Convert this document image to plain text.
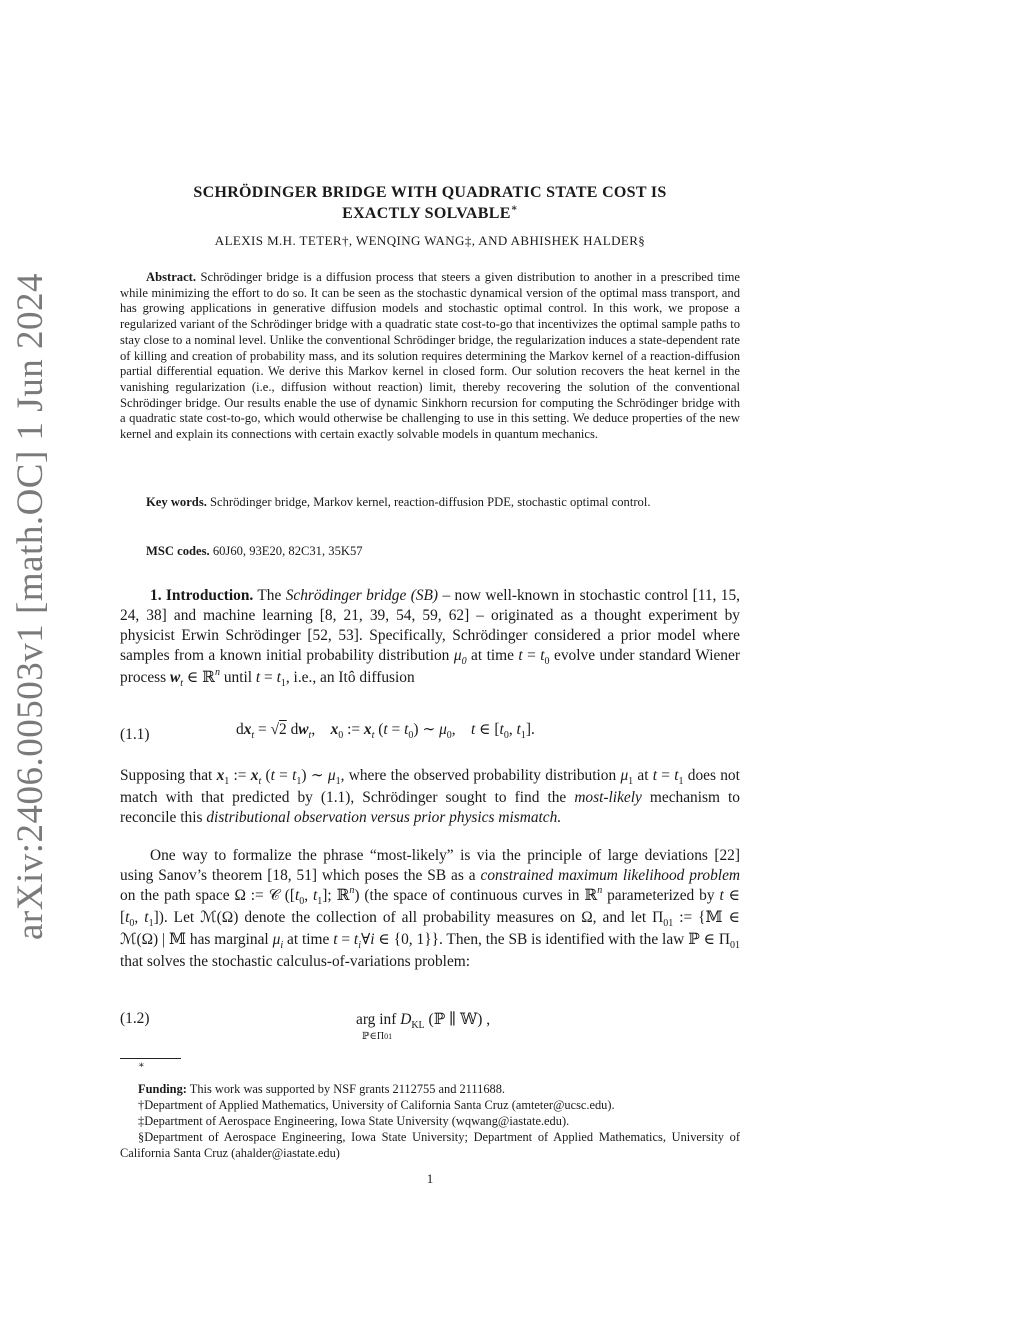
arXiv:2406.00503v1 [math.OC] 1 Jun 2024
SCHRÖDINGER BRIDGE WITH QUADRATIC STATE COST IS
EXACTLY SOLVABLE∗
ALEXIS M.H. TETER†, WENQING WANG‡, AND ABHISHEK HALDER§
Abstract. Schrödinger bridge is a diffusion process that steers a given distribution to another in a prescribed time while minimizing the effort to do so. It can be seen as the stochastic dynamical version of the optimal mass transport, and has growing applications in generative diffusion models and stochastic optimal control. In this work, we propose a regularized variant of the Schrödinger bridge with a quadratic state cost-to-go that incentivizes the optimal sample paths to stay close to a nominal level. Unlike the conventional Schrödinger bridge, the regularization induces a state-dependent rate of killing and creation of probability mass, and its solution requires determining the Markov kernel of a reaction-diffusion partial differential equation. We derive this Markov kernel in closed form. Our solution recovers the heat kernel in the vanishing regularization (i.e., diffusion without reaction) limit, thereby recovering the solution of the conventional Schrödinger bridge. Our results enable the use of dynamic Sinkhorn recursion for computing the Schrödinger bridge with a quadratic state cost-to-go, which would otherwise be challenging to use in this setting. We deduce properties of the new kernel and explain its connections with certain exactly solvable models in quantum mechanics.
Key words. Schrödinger bridge, Markov kernel, reaction-diffusion PDE, stochastic optimal control.
MSC codes. 60J60, 93E20, 82C31, 35K57
1. Introduction. The Schrödinger bridge (SB) – now well-known in stochastic control [11, 15, 24, 38] and machine learning [8, 21, 39, 54, 59, 62] – originated as a thought experiment by physicist Erwin Schrödinger [52, 53]. Specifically, Schrödinger considered a prior model where samples from a known initial probability distribution $\mu_0$ at time $t = t_0$ evolve under standard Wiener process $w_t$ ∈ ℝ$^n$ until $t = t_1$, i.e., an Itô diffusion
(1.1)	$dx_t = √2$ $dw_t$,    $x_0$ := $x_t$ $(t = t_0)$ ∼ $\mu_0$,    t ∈ [$t_0$, $t_1$].
Supposing that $x_1$ := $x_t$ $(t = t_1)$ ∼ $\mu_1$, where the observed probability distribution $\mu_1$ at $t = t_1$ does not match with that predicted by (1.1), Schrödinger sought to find the most-likely mechanism to reconcile this distributional observation versus prior physics mismatch.
One way to formalize the phrase “most-likely” is via the principle of large deviations [22] using Sanov’s theorem [18, 51] which poses the SB as a constrained maximum likelihood problem on the path space Ω := 𝒞 ([$t_0$, $t_1$]; ℝ$^n$) (the space of continuous curves in ℝ$^n$ parameterized by t ∈ [$t_0$, $t_1$]). Let ℳ(Ω) denote the collection of all probability measures on Ω, and let $\Pi_{01}$ := {𝕄 ∈ ℳ(Ω) | 𝕄 has marginal $\mu_i$ at time $t = t_i\forall i$ ∈ {0, 1}}. Then, the SB is identified with the law ℙ ∈ $\Pi_{01}$ that solves the stochastic calculus-of-variations problem:
(1.2)	arg inf
ℙ∈Π01
$D_{KL}$ (ℙ ∥ 𝕎) ,

∗

Funding: This work was supported by NSF grants 2112755 and 2111688.

†Department of Applied Mathematics, University of California Santa Cruz (amteter@ucsc.edu).

‡Department of Aerospace Engineering, Iowa State University (wqwang@iastate.edu).

§Department of Aerospace Engineering, Iowa State University; Department of Applied Mathematics, University of California Santa Cruz (ahalder@iastate.edu)

1
